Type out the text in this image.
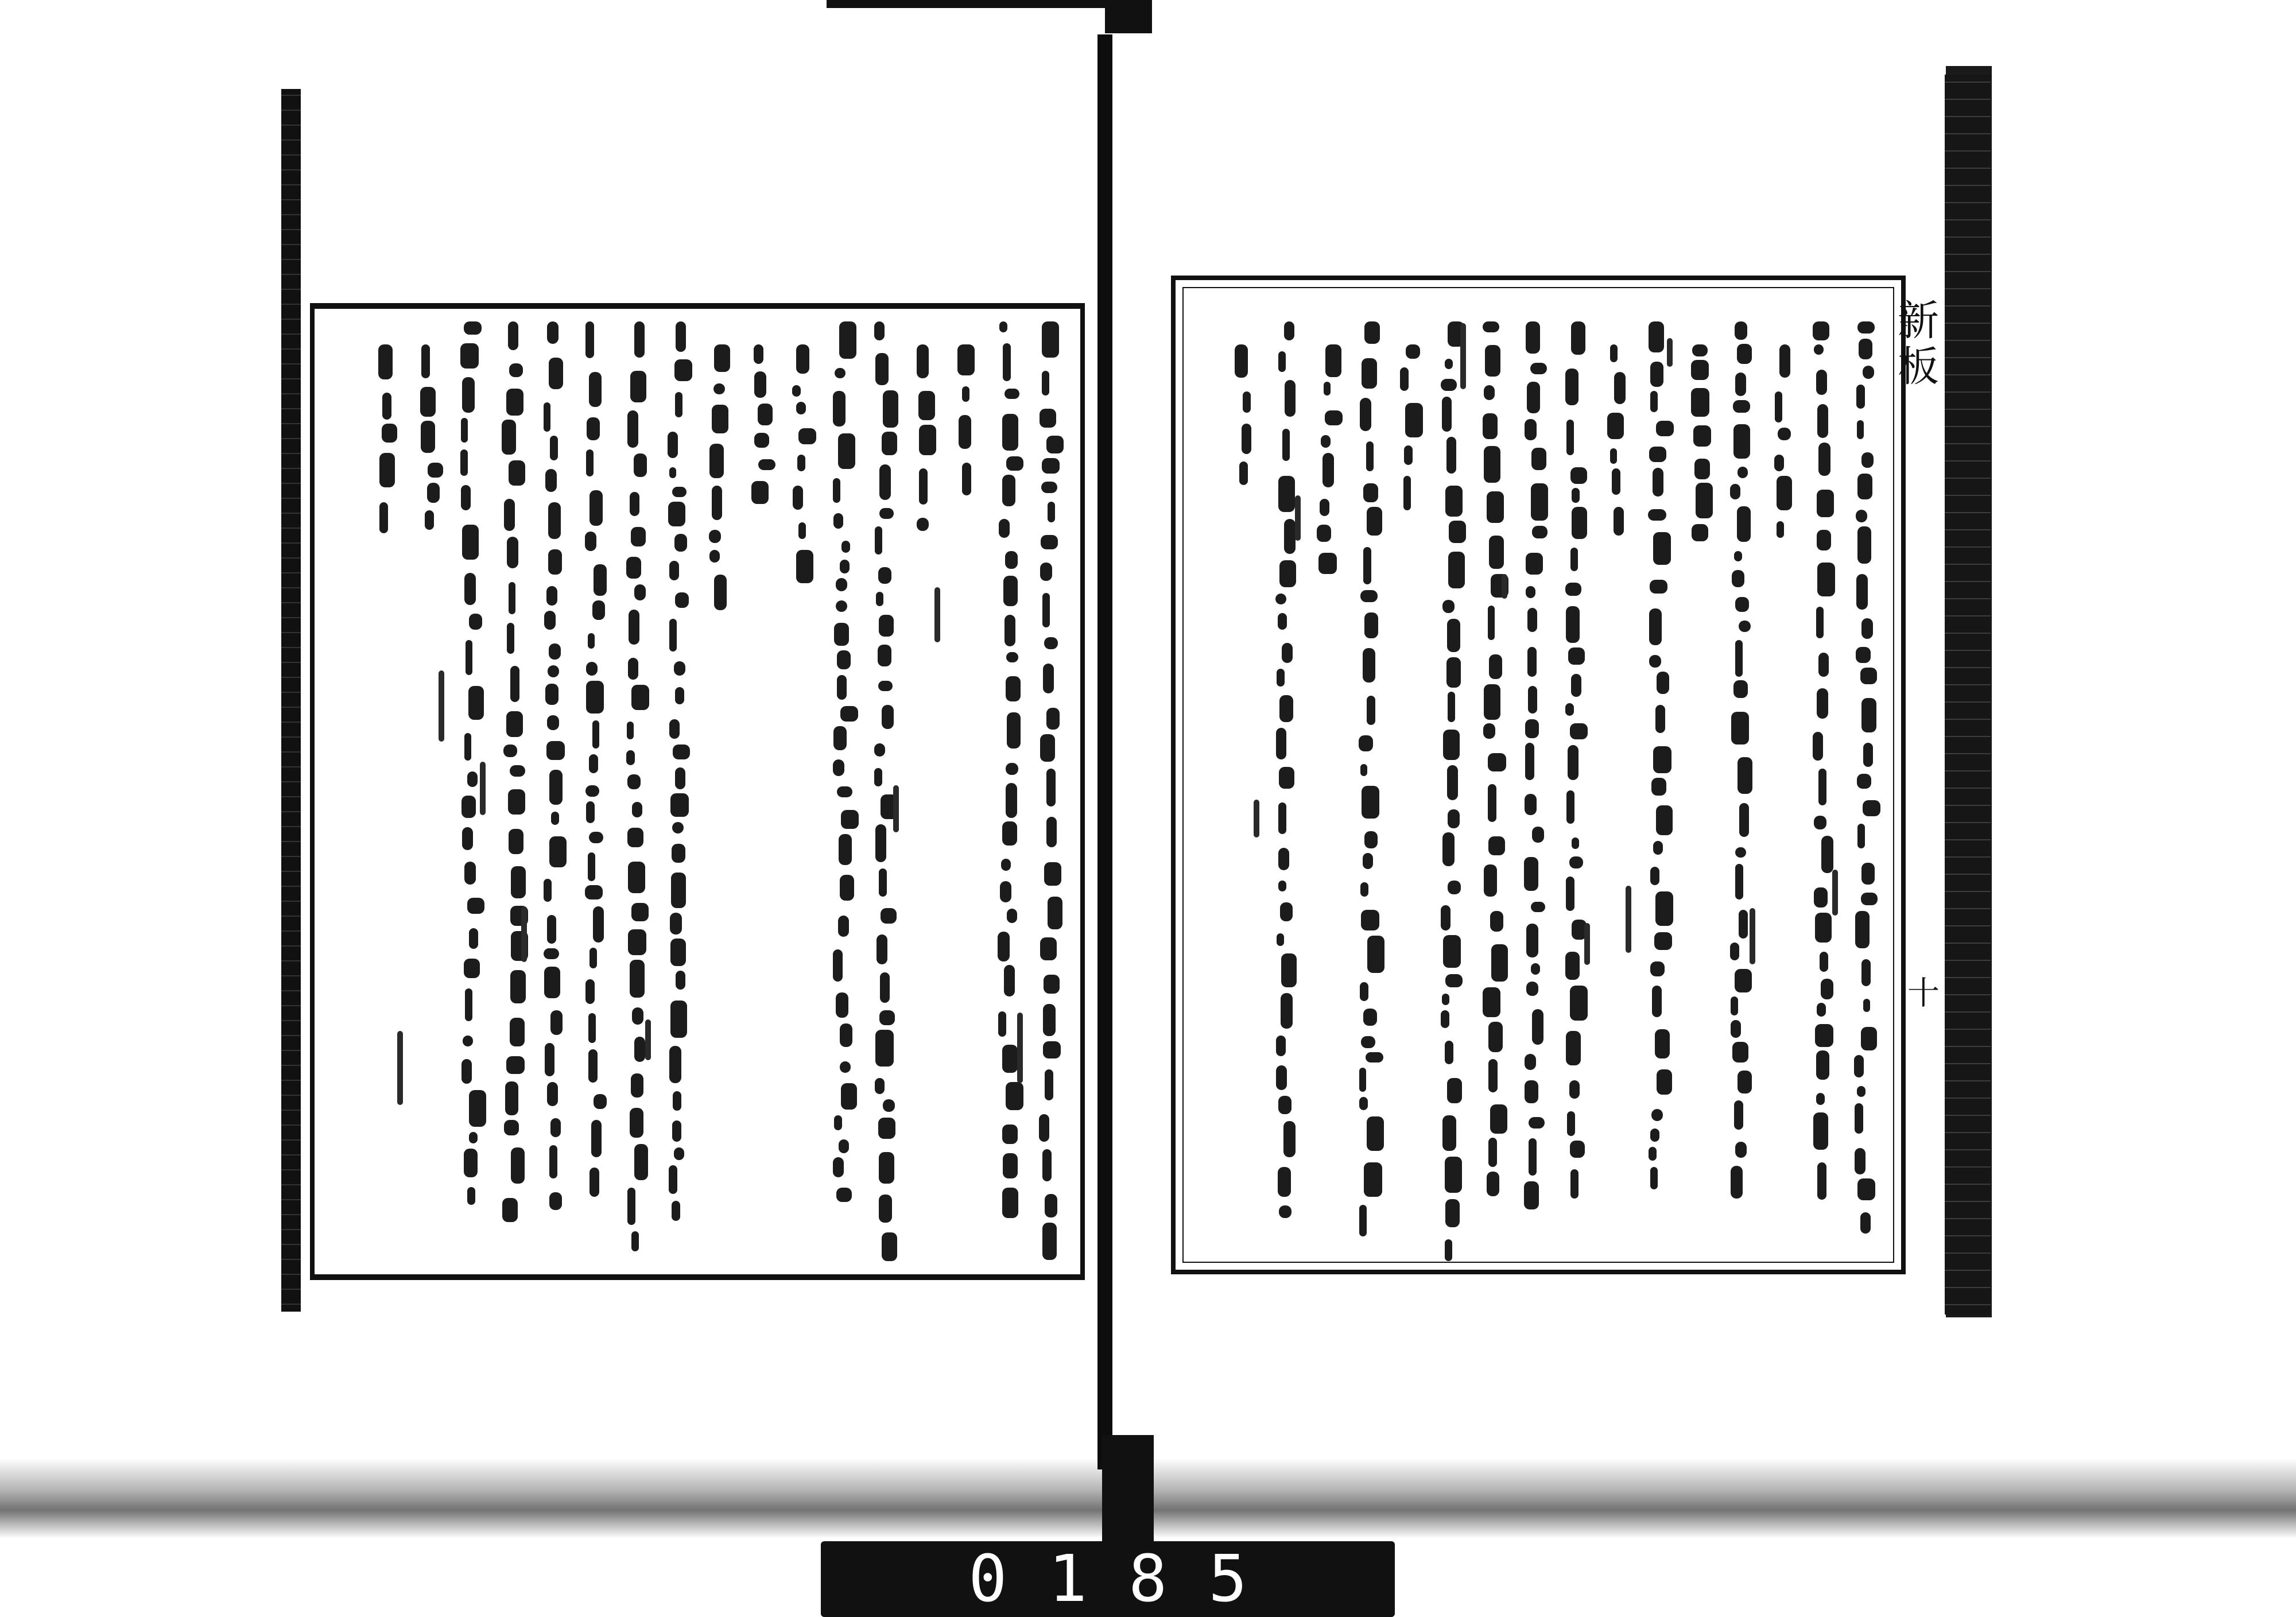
新板
十
0185
